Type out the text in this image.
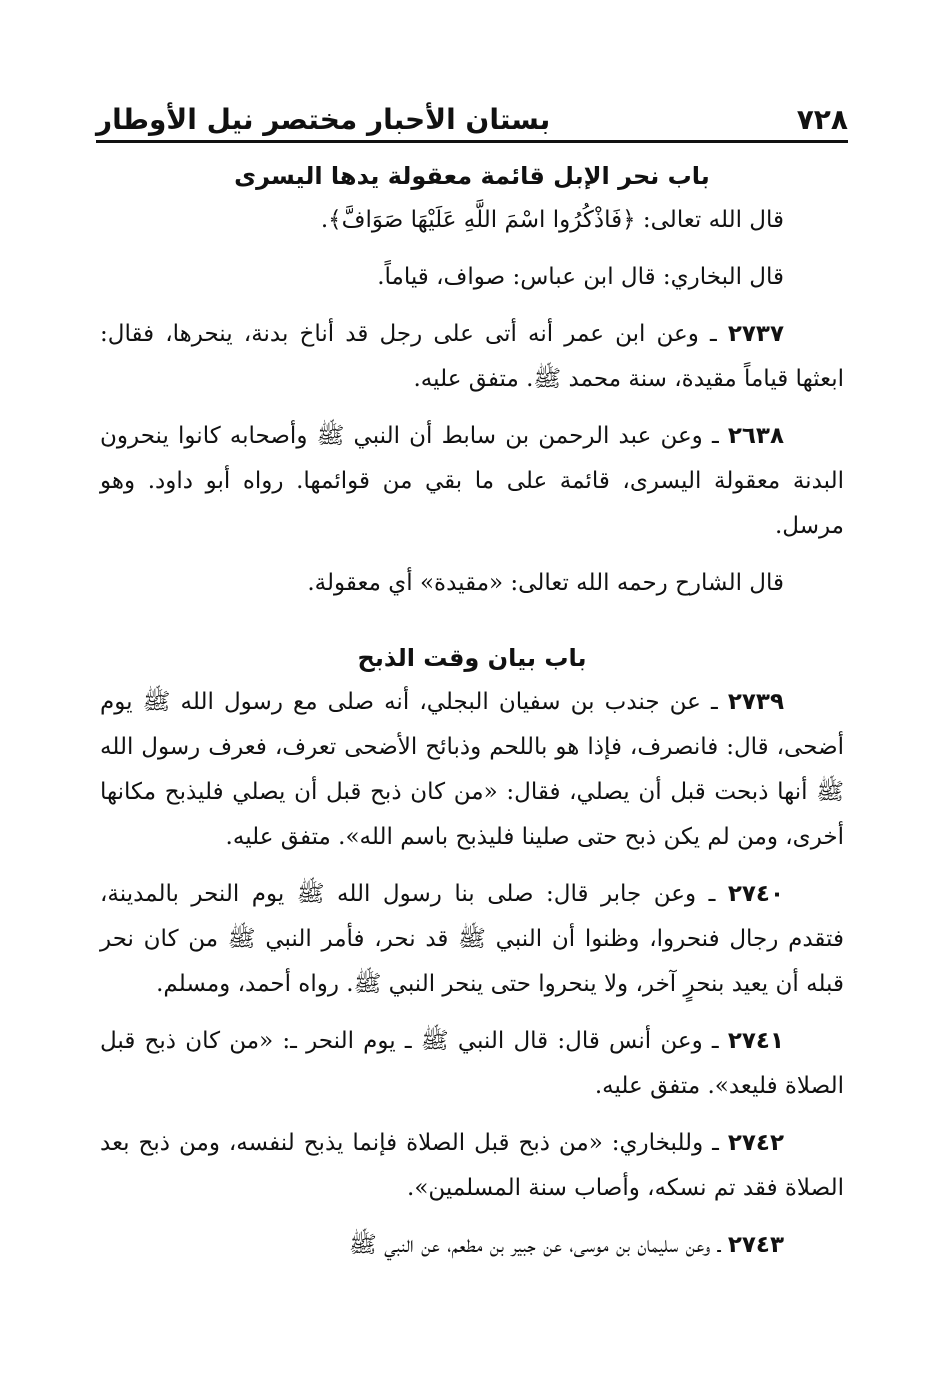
٧٢٨
بستان الأحبار مختصر نيل الأوطار
باب نحر الإبل قائمة معقولة يدها اليسرى

قال الله تعالى: ﴿فَاذْكُرُوا اسْمَ اللَّهِ عَلَيْهَا صَوَافَّ﴾.

قال البخاري: قال ابن عباس: صواف، قياماً.

٢٧٣٧ ـ وعن ابن عمر أنه أتى على رجل قد أناخ بدنة، ينحرها، فقال: ابعثها قياماً مقيدة، سنة محمد ﷺ. متفق عليه.

٢٦٣٨ ـ وعن عبد الرحمن بن سابط أن النبي ﷺ وأصحابه كانوا ينحرون البدنة معقولة اليسرى، قائمة على ما بقي من قوائمها. رواه أبو داود. وهو مرسل.

قال الشارح رحمه الله تعالى: «مقيدة» أي معقولة.

باب بيان وقت الذبح

٢٧٣٩ ـ عن جندب بن سفيان البجلي، أنه صلى مع رسول الله ﷺ يوم أضحى، قال: فانصرف، فإذا هو باللحم وذبائح الأضحى تعرف، فعرف رسول الله ﷺ أنها ذبحت قبل أن يصلي، فقال: «من كان ذبح قبل أن يصلي فليذبح مكانها أخرى، ومن لم يكن ذبح حتى صلينا فليذبح باسم الله». متفق عليه.

٢٧٤٠ ـ وعن جابر قال: صلى بنا رسول الله ﷺ يوم النحر بالمدينة، فتقدم رجال فنحروا، وظنوا أن النبي ﷺ قد نحر، فأمر النبي ﷺ من كان نحر قبله أن يعيد بنحرٍ آخر، ولا ينحروا حتى ينحر النبي ﷺ. رواه أحمد، ومسلم.

٢٧٤١ ـ وعن أنس قال: قال النبي ﷺ ـ يوم النحر ـ: «من كان ذبح قبل الصلاة فليعد». متفق عليه.

٢٧٤٢ ـ وللبخاري: «من ذبح قبل الصلاة فإنما يذبح لنفسه، ومن ذبح بعد الصلاة فقد تم نسكه، وأصاب سنة المسلمين».

٢٧٤٣ ـ وعن سليمان بن موسى، عن جبير بن مطعم، عن النبي ﷺ
